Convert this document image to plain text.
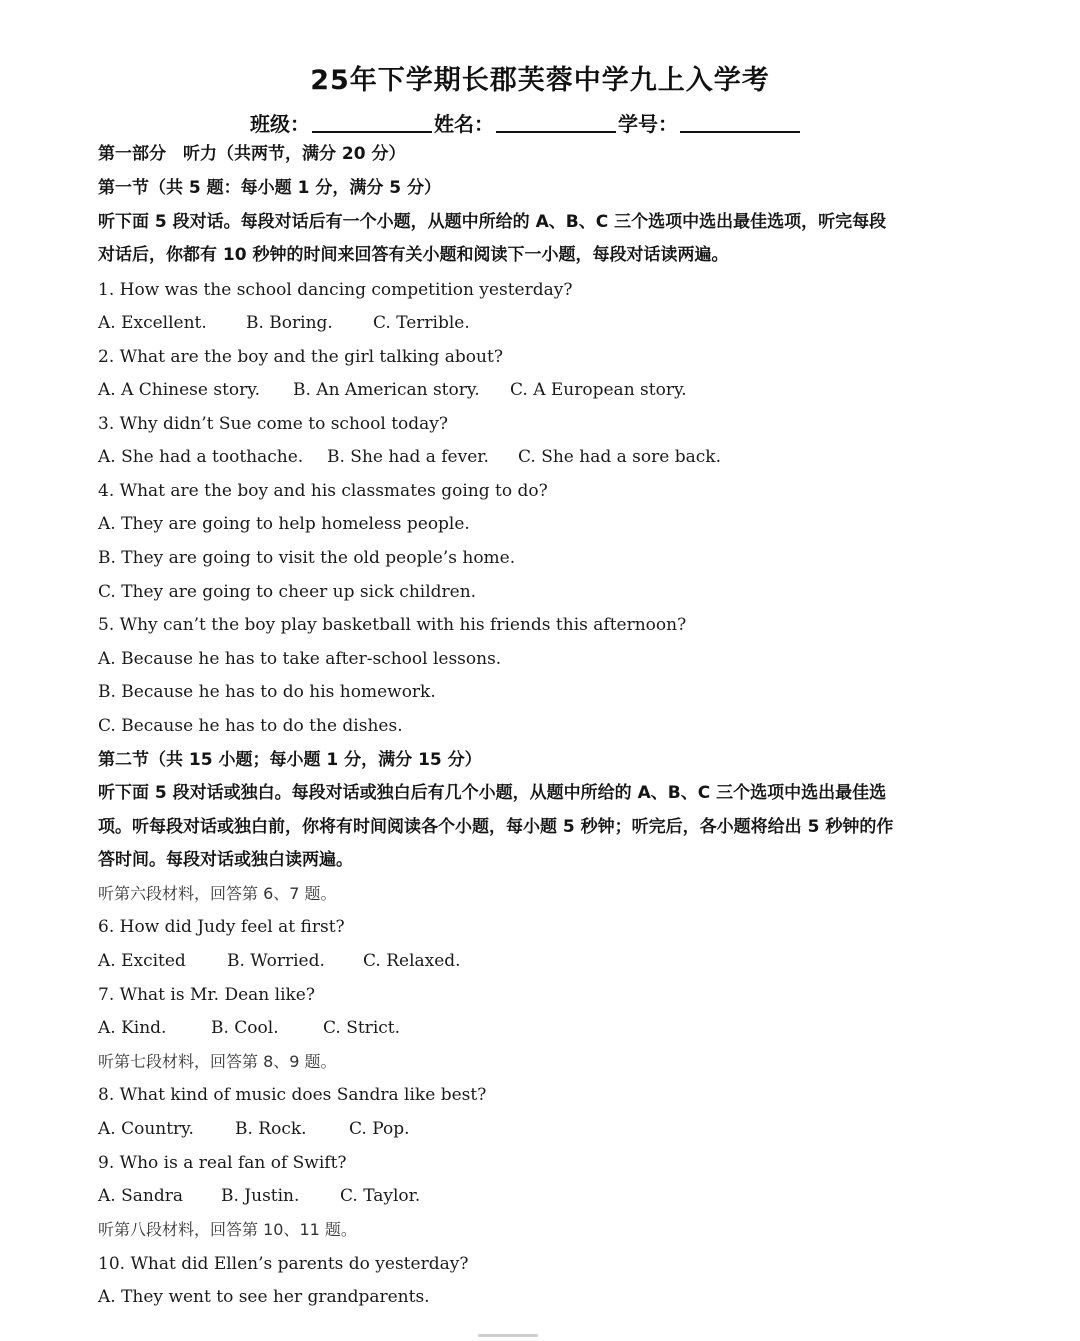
25年下学期长郡芙蓉中学九上入学考
班级：	姓名：	学号：
第一部分　听力（共两节，满分 20 分）
第一节（共 5 题：每小题 1 分，满分 5 分）
听下面 5 段对话。每段对话后有一个小题，从题中所给的 A、B、C 三个选项中选出最佳选项，听完每段
对话后，你都有 10 秒钟的时间来回答有关小题和阅读下一小题，每段对话读两遍。
1. How was the school dancing competition yesterday?
A. Excellent. B. Boring. C. Terrible.
2. What are the boy and the girl talking about?
A. A Chinese story. B. An American story. C. A European story.
3. Why didn’t Sue come to school today?
A. She had a toothache. B. She had a fever. C. She had a sore back.
4. What are the boy and his classmates going to do?
A. They are going to help homeless people.
B. They are going to visit the old people’s home.
C. They are going to cheer up sick children.
5. Why can’t the boy play basketball with his friends this afternoon?
A. Because he has to take after-school lessons.
B. Because he has to do his homework.
C. Because he has to do the dishes.
第二节（共 15 小题；每小题 1 分，满分 15 分）
听下面 5 段对话或独白。每段对话或独白后有几个小题，从题中所给的 A、B、C 三个选项中选出最佳选
项。听每段对话或独白前，你将有时间阅读各个小题，每小题 5 秒钟；听完后，各小题将给出 5 秒钟的作
答时间。每段对话或独白读两遍。
听第六段材料，回答第 6、7 题。
6. How did Judy feel at first?
A. Excited B. Worried. C. Relaxed.
7. What is Mr. Dean like?
A. Kind.	B. Cool.	C. Strict.
听第七段材料，回答第 8、9 题。
8. What kind of music does Sandra like best?
A. Country. B. Rock. C. Pop.
9. Who is a real fan of Swift?
A. Sandra B. Justin. C. Taylor.
听第八段材料，回答第 10、11 题。
10. What did Ellen’s parents do yesterday?
A. They went to see her grandparents.
